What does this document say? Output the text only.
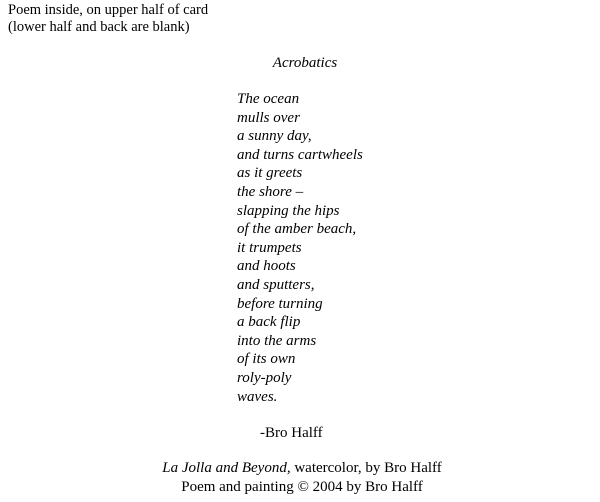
Poem inside, on upper half of card
(lower half and back are blank)
Acrobatics
The ocean
mulls over
a sunny day,
and turns cartwheels
as it greets
the shore –
slapping the hips
of the amber beach,
it trumpets
and hoots
and sputters,
before turning
a back flip
into the arms
of its own
roly-poly
waves.
-Bro Halff
La Jolla and Beyond, watercolor, by Bro Halff
Poem and painting © 2004 by Bro Halff
